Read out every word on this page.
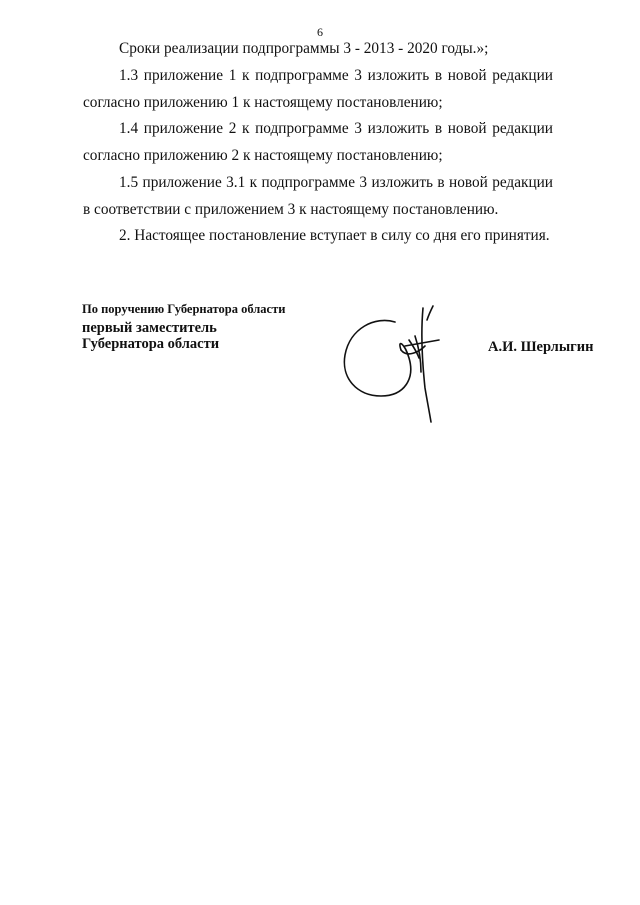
6
Сроки реализации подпрограммы 3 - 2013 - 2020 годы.»;
1.3 приложение 1 к подпрограмме 3 изложить в новой редакции согласно приложению 1 к настоящему постановлению;
1.4 приложение 2 к подпрограмме 3 изложить в новой редакции согласно приложению 2 к настоящему постановлению;
1.5 приложение 3.1 к подпрограмме 3 изложить в новой редакции в соответствии с приложением 3 к настоящему постановлению.
2. Настоящее постановление вступает в силу со дня его принятия.
По поручению Губернатора области
первый заместитель
Губернатора области	А.И. Шерлыгин
